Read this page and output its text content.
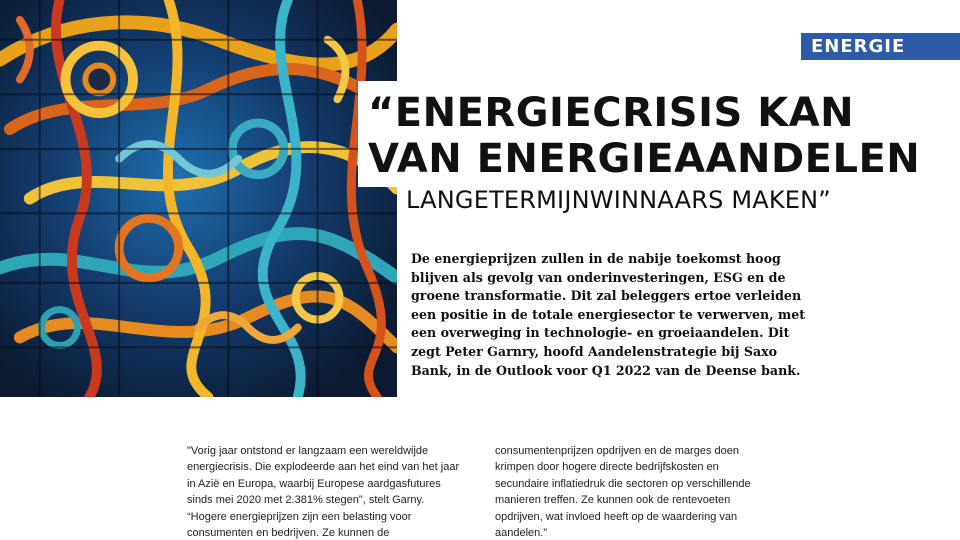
ENERGIE
“ENERGIECRISIS KAN
VAN ENERGIEAANDELEN
LANGETERMIJNWINNAARS MAKEN”

De energieprijzen zullen in de nabije toekomst hoog blijven als gevolg van onderinvesteringen, ESG en de groene transformatie. Dit zal beleggers ertoe verleiden een positie in de totale energiesector te verwerven, met een overweging in technologie- en groeiaandelen. Dit zegt Peter Garnry, hoofd Aandelenstrategie bij Saxo Bank, in de Outlook voor Q1 2022 van de Deense bank.

"Vorig jaar ontstond er langzaam een wereldwijde energiecrisis. Die explodeerde aan het eind van het jaar in Azië en Europa, waarbij Europese aardgasfutures sinds mei 2020 met 2.381% stegen", stelt Garny. “Hogere energieprijzen zijn een belasting voor consumenten en bedrijven. Ze kunnen de

consumentenprijzen opdrijven en de marges doen krimpen door hogere directe bedrijfskosten en secundaire inflatiedruk die sectoren op verschillende manieren treffen. Ze kunnen ook de rentevoeten opdrijven, wat invloed heeft op de waardering van aandelen.”
